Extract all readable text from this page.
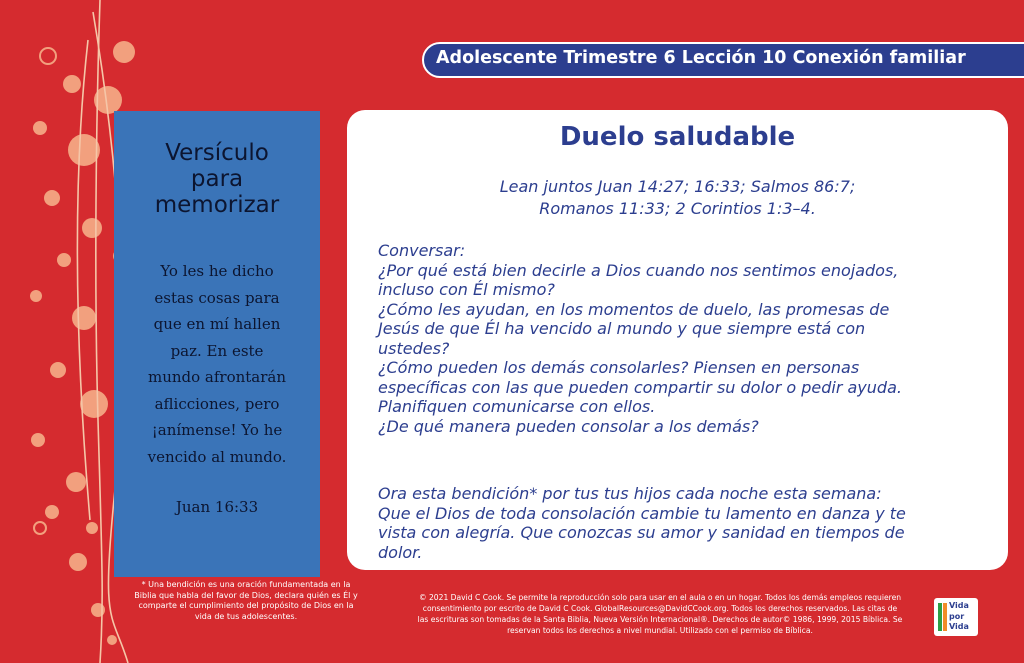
Adolescente Trimestre 6 Lección 10 Conexión familiar
Versículo
para
memorizar
Yo les he dicho
estas cosas para
que en mí hallen
paz. En este
mundo afrontarán
aflicciones, pero
¡anímense! Yo he
vencido al mundo.
Juan 16:33
Duelo saludable
Lean juntos Juan 14:27; 16:33; Salmos 86:7;
Romanos 11:33; 2 Corintios 1:3–4.
Conversar:
¿Por qué está bien decirle a Dios cuando nos sentimos enojados,
incluso con Él mismo?
¿Cómo les ayudan, en los momentos de duelo, las promesas de
Jesús de que Él ha vencido al mundo y que siempre está con
ustedes?
¿Cómo pueden los demás consolarles? Piensen en personas
específicas con las que pueden compartir su dolor o pedir ayuda.
Planifiquen comunicarse con ellos.
¿De qué manera pueden consolar a los demás?
Ora esta bendición* por tus tus hijos cada noche esta semana:
Que el Dios de toda consolación cambie tu lamento en danza y te
vista con alegría. Que conozcas su amor y sanidad en tiempos de
dolor.
* Una bendición es una oración fundamentada en la
Biblia que habla del favor de Dios, declara quién es Él y
comparte el cumplimiento del propósito de Dios en la
vida de tus adolescentes.
© 2021 David C Cook. Se permite la reproducción solo para usar en el aula o en un hogar. Todos los demás empleos requieren
consentimiento por escrito de David C Cook. GlobalResources@DavidCCook.org. Todos los derechos reservados. Las citas de
las escrituras son tomadas de la Santa Biblia, Nueva Versión Internacional®. Derechos de autor© 1986, 1999, 2015 Bíblica. Se
reservan todos los derechos a nivel mundial. Utilizado con el permiso de Bíblica.
Vida
por
Vida
